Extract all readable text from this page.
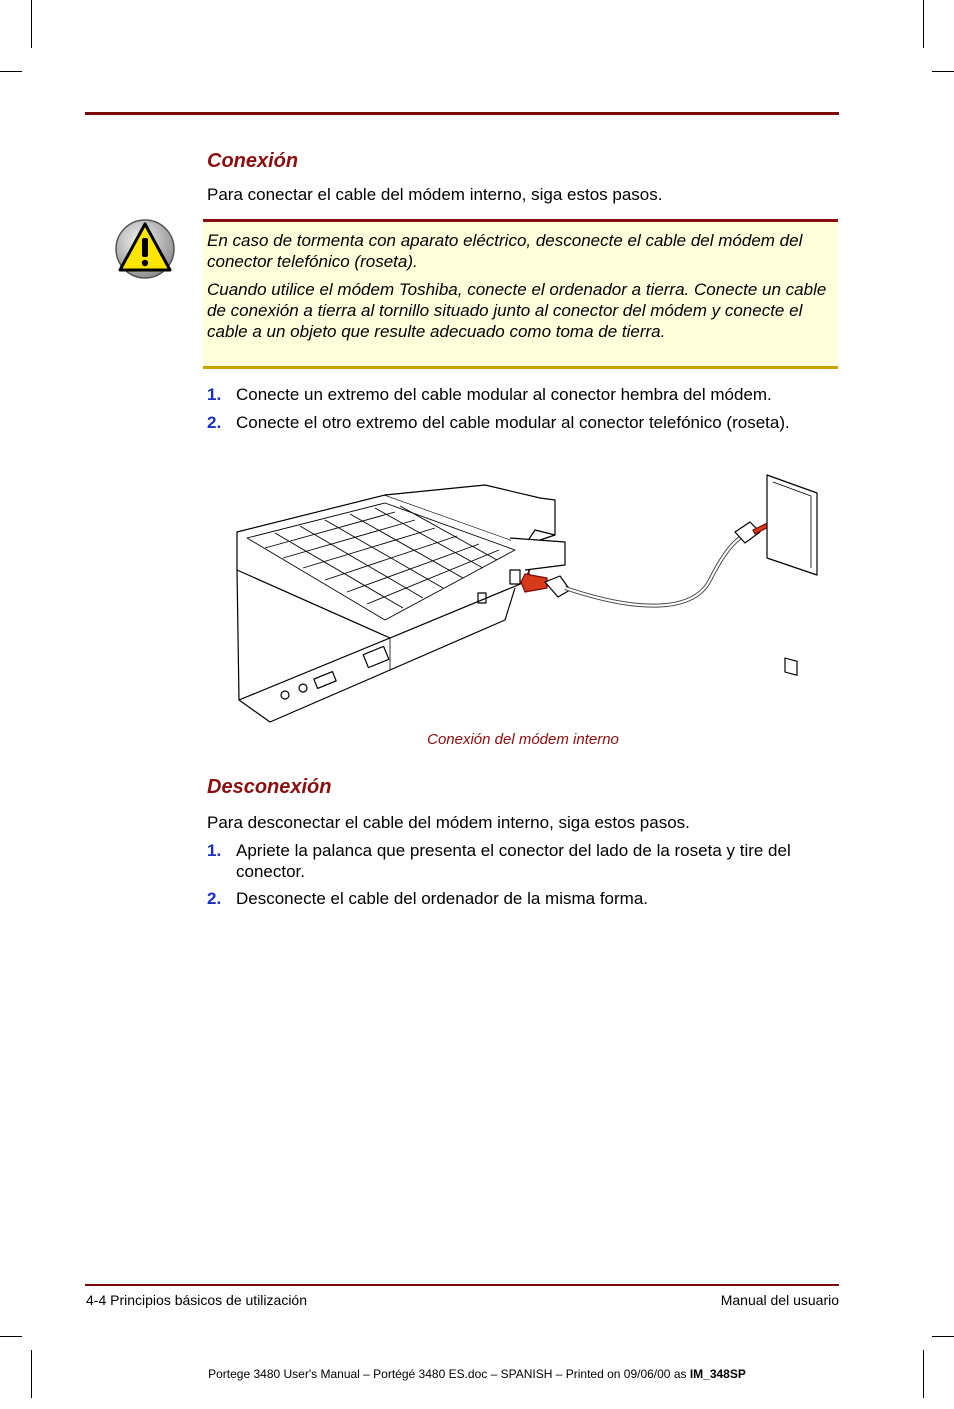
Conexión

Para conectar el cable del módem interno, siga estos pasos.

En caso de tormenta con aparato eléctrico, desconecte el cable del módem del conector telefónico (roseta).

Cuando utilice el módem Toshiba, conecte el ordenador a tierra. Conecte un cable de conexión a tierra al tornillo situado junto al conector del módem y conecte el cable a un objeto que resulte adecuado como toma de tierra.

1. Conecte un extremo del cable modular al conector hembra del módem.
2. Conecte el otro extremo del cable modular al conector telefónico (roseta).
Conexión del módem interno
Desconexión

Para desconectar el cable del módem interno, siga estos pasos.

1. Apriete la palanca que presenta el conector del lado de la roseta y tire del conector.
2. Desconecte el cable del ordenador de la misma forma.
4-4 Principios básicos de utilización	Manual del usuario
Portege 3480 User's Manual – Portégé 3480 ES.doc – SPANISH – Printed on 09/06/00 as IM_348SP
